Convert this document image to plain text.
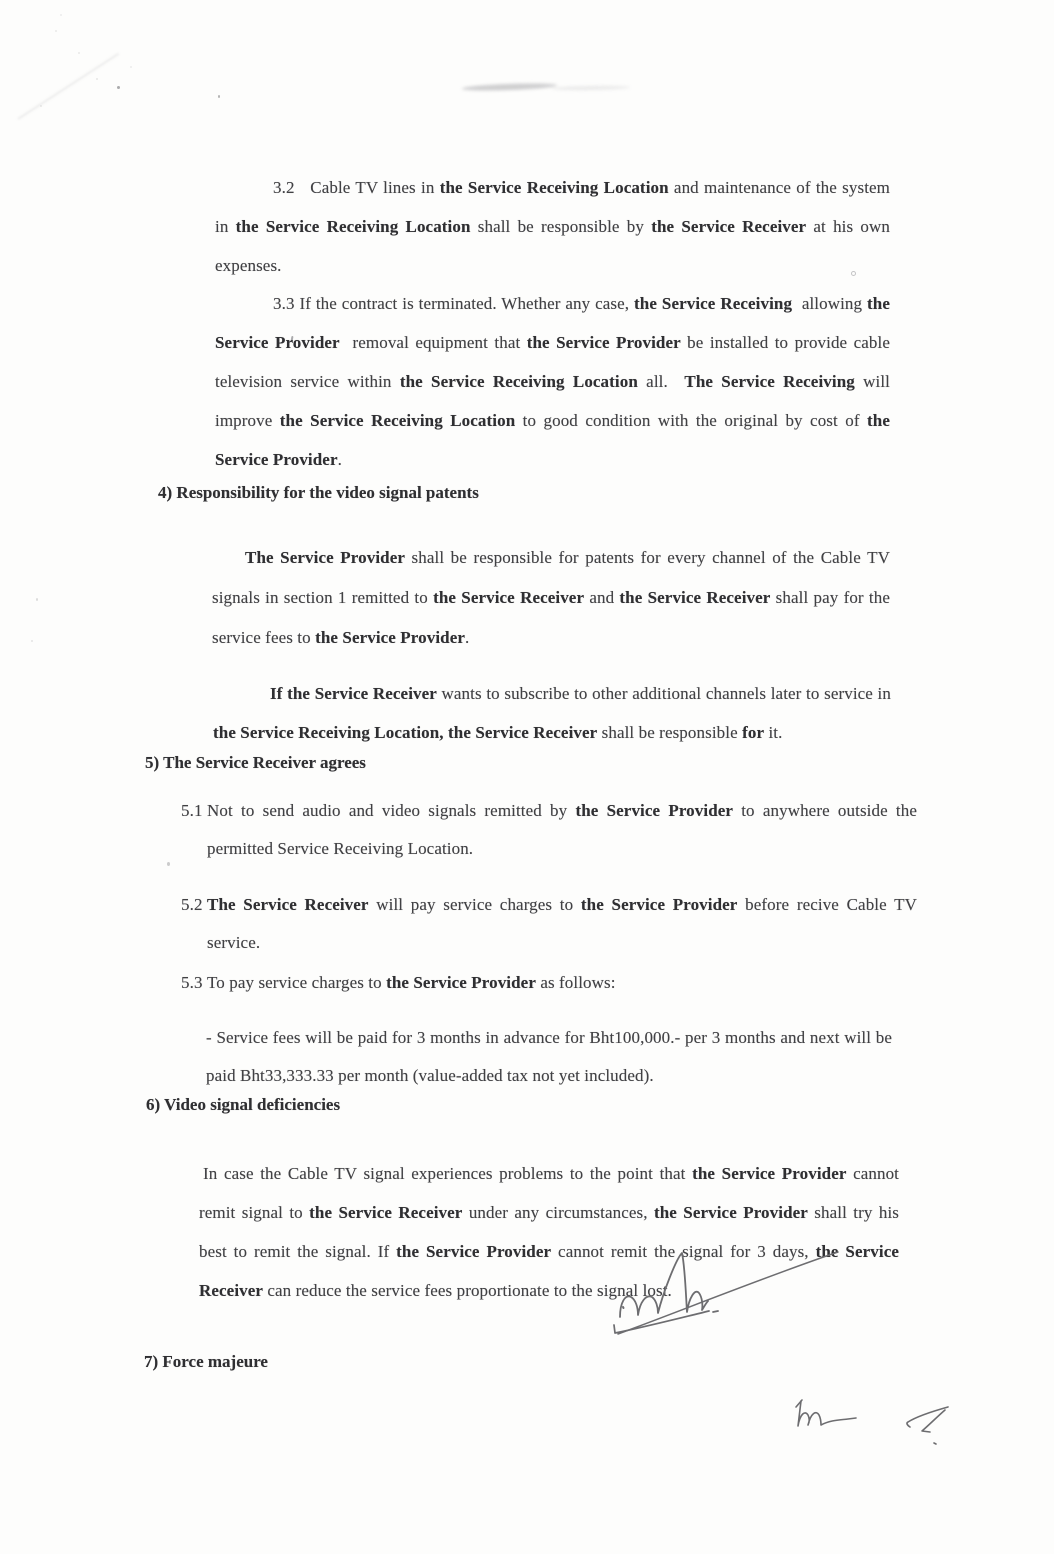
3.2   Cable TV lines in the Service Receiving Location and maintenance of the system in the Service Receiving Location shall be responsible by the Service Receiver at his own expenses.

3.3 If the contract is terminated. Whether any case, the Service Receiving  allowing the Service Provider  removal equipment that the Service Provider be installed to provide cable television service within the Service Receiving Location all.  The Service Receiving will improve the Service Receiving Location to good condition with the original by cost of the Service Provider.

4) Responsibility for the video signal patents

The Service Provider shall be responsible for patents for every channel of the Cable TV signals in section 1 remitted to the Service Receiver and the Service Receiver shall pay for the service fees to the Service Provider.

If the Service Receiver wants to subscribe to other additional channels later to service in the Service Receiving Location, the Service Receiver shall be responsible for it.

5) The Service Receiver agrees
5.1 Not to send audio and video signals remitted by the Service Provider to anywhere outside the permitted Service Receiving Location.
5.2 The Service Receiver will pay service charges to the Service Provider before recive Cable TV service.
5.3 To pay service charges to the Service Provider as follows:

- Service fees will be paid for 3 months in advance for Bht100,000.- per 3 months and next will be paid Bht33,333.33 per month (value-added tax not yet included).

6) Video signal deficiencies

In case the Cable TV signal experiences problems to the point that the Service Provider cannot remit signal to the Service Receiver under any circumstances, the Service Provider shall try his best to remit the signal. If the Service Provider cannot remit the signal for 3 days, the Service Receiver can reduce the service fees proportionate to the signal lost.

7) Force majeure
